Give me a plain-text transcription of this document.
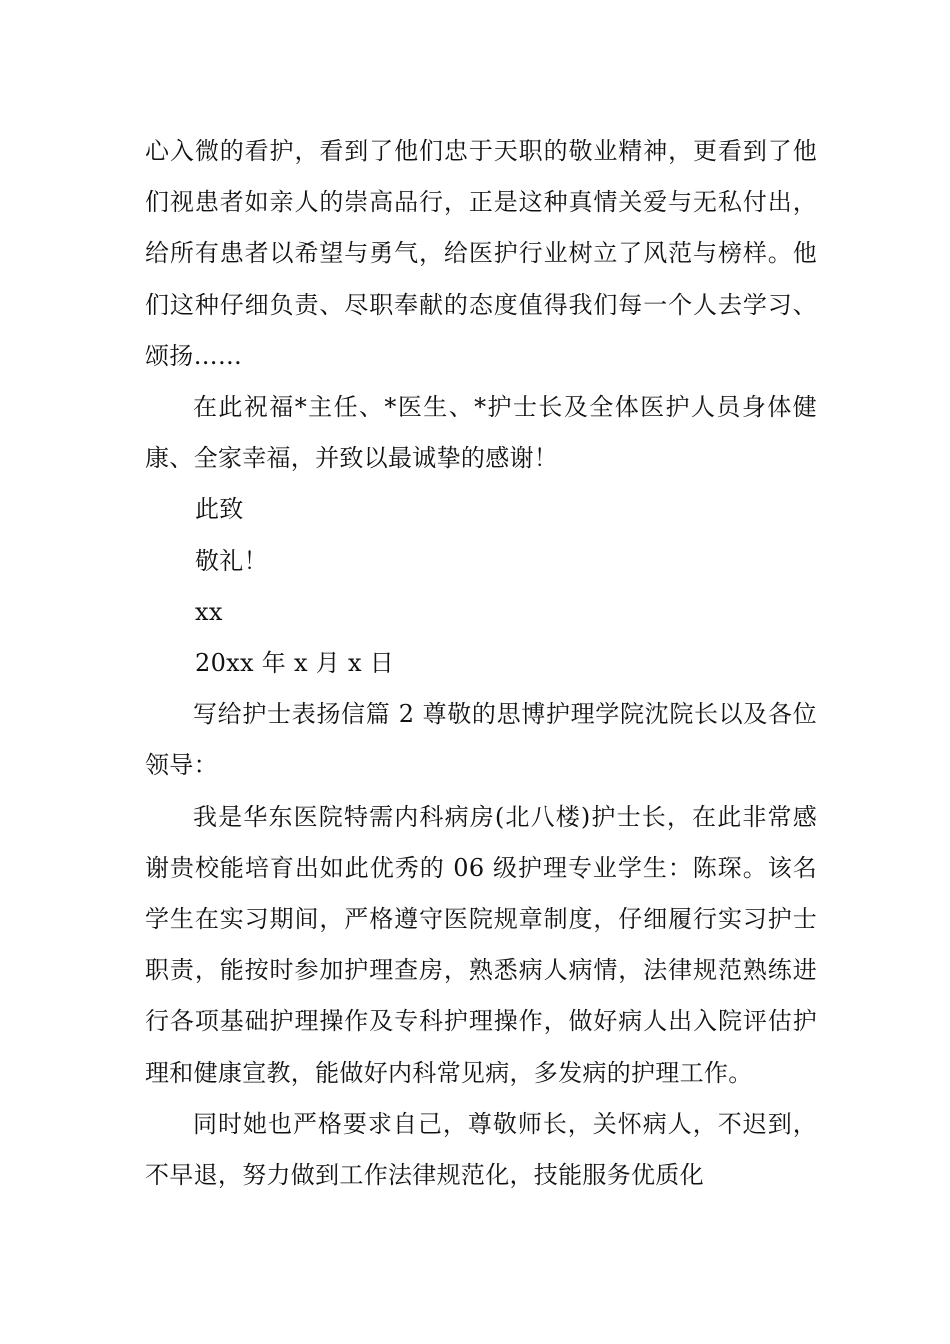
心入微的看护，看到了他们忠于天职的敬业精神，更看到了他们视患者如亲人的崇高品行，正是这种真情关爱与无私付出，给所有患者以希望与勇气，给医护行业树立了风范与榜样。他们这种仔细负责、尽职奉献的态度值得我们每一个人去学习、颂扬……

在此祝福*主任、*医生、*护士长及全体医护人员身体健康、全家幸福，并致以最诚挚的感谢！

此致

敬礼！

xx

20xx 年 x 月 x 日

写给护士表扬信篇 2 尊敬的思博护理学院沈院长以及各位领导：

我是华东医院特需内科病房(北八楼)护士长，在此非常感谢贵校能培育出如此优秀的 06 级护理专业学生：陈琛。该名学生在实习期间，严格遵守医院规章制度，仔细履行实习护士职责，能按时参加护理查房，熟悉病人病情，法律规范熟练进行各项基础护理操作及专科护理操作，做好病人出入院评估护理和健康宣教，能做好内科常见病，多发病的护理工作。

同时她也严格要求自己，尊敬师长，关怀病人，不迟到，不早退，努力做到工作法律规范化，技能服务优质化
